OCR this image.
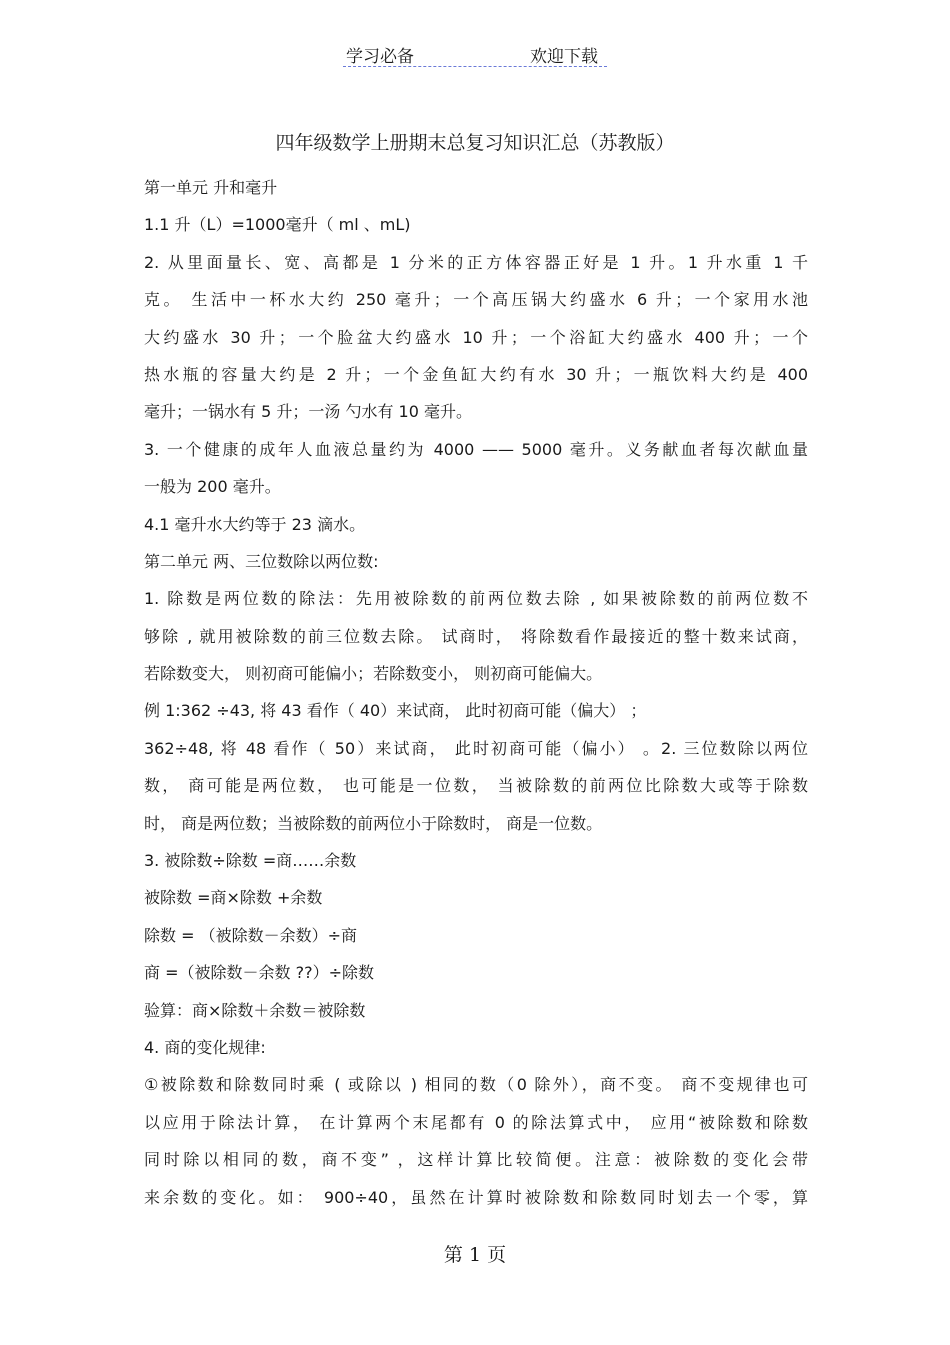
学习必备	欢迎下载
四年级数学上册期末总复习知识汇总（苏教版）

第一单元 升和毫升

1.1 升（L）=1000毫升（ ml 、mL)

2. 从里面量长、宽、高都是 1 分米的正方体容器正好是 1 升。1 升水重 1 千

克。 生活中一杯水大约 250 毫升；一个高压锅大约盛水 6 升；一个家用水池

大约盛水 30 升；一个脸盆大约盛水 10 升；一个浴缸大约盛水 400 升；一个

热水瓶的容量大约是 2 升；一个金鱼缸大约有水 30 升；一瓶饮料大约是 400

毫升；一锅水有 5 升；一汤 勺水有 10 毫升。

3. 一个健康的成年人血液总量约为 4000 —— 5000 毫升。义务献血者每次献血量

一般为 200 毫升。

4.1 毫升水大约等于 23 滴水。

第二单元 两、三位数除以两位数:

1. 除数是两位数的除法：先用被除数的前两位数去除 , 如果被除数的前两位数不

够除 , 就用被除数的前三位数去除。 试商时， 将除数看作最接近的整十数来试商，

若除数变大， 则初商可能偏小；若除数变小， 则初商可能偏大。

例 1:362 ÷43, 将 43 看作（ 40）来试商， 此时初商可能（偏大） ；

362÷48, 将 48 看作（ 50）来试商， 此时初商可能（偏小） 。2. 三位数除以两位

数， 商可能是两位数， 也可能是一位数， 当被除数的前两位比除数大或等于除数

时， 商是两位数；当被除数的前两位小于除数时， 商是一位数。

3. 被除数÷除数 =商……余数

被除数 =商×除数 +余数

除数 = （被除数－余数）÷商

商 =（被除数－余数 ??）÷除数

验算：商×除数＋余数＝被除数

4. 商的变化规律:

①被除数和除数同时乘 ( 或除以 ) 相同的数（0 除外），商不变。 商不变规律也可

以应用于除法计算， 在计算两个末尾都有 0 的除法算式中， 应用“被除数和除数

同时除以相同的数，商不变” ，这样计算比较简便。注意：被除数的变化会带

来余数的变化。如： 900÷40，虽然在计算时被除数和除数同时划去一个零，算

第 1 页
